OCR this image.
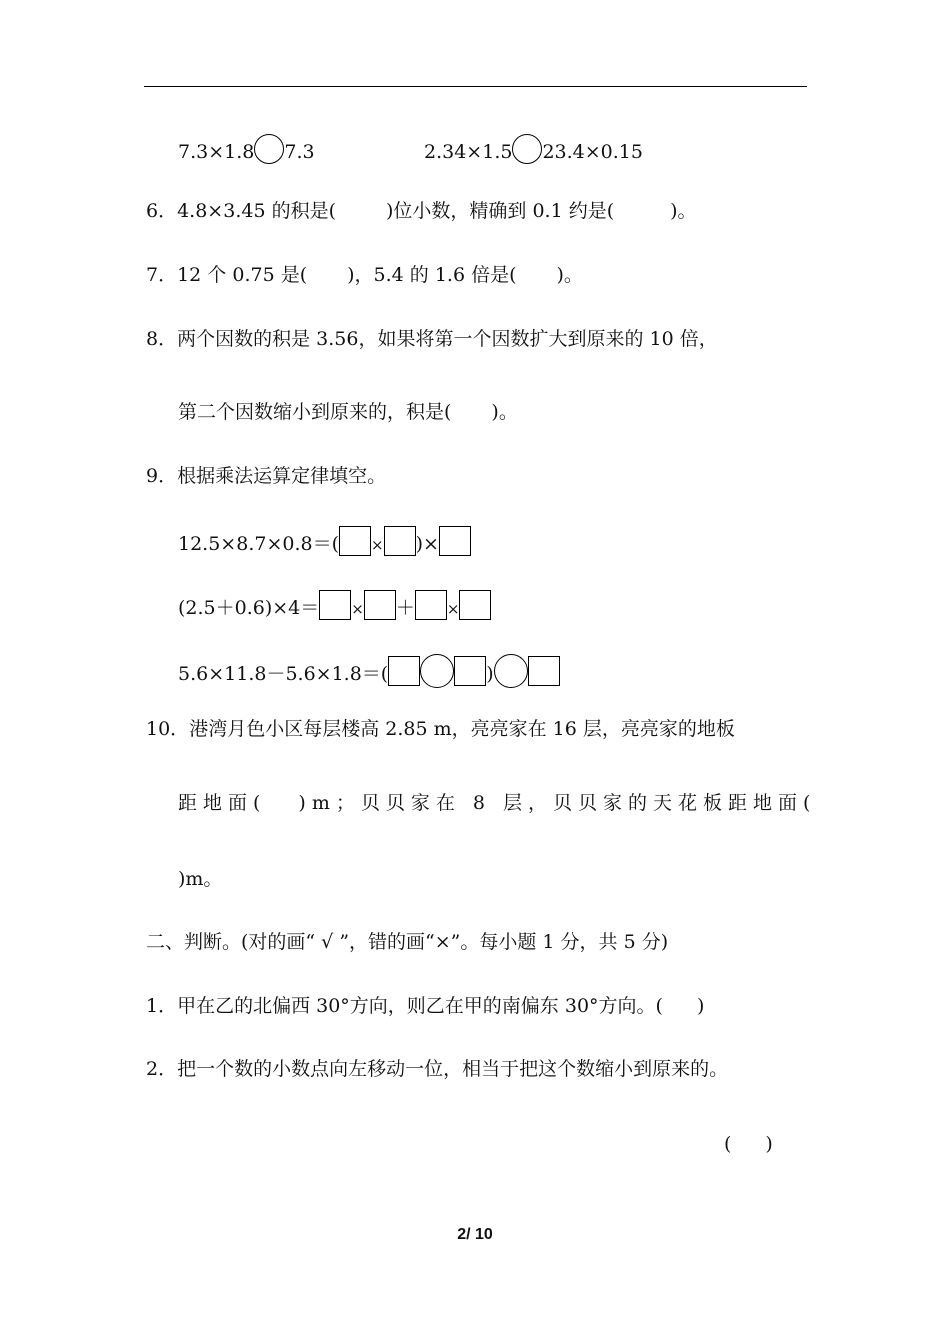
7.3×1.8 7.3	2.34×1.5 23.4×0.15
6．4.8×3.45 的积是(	)位小数，精确到 0.1 约是(	)。
7．12 个 0.75 是( )，5.4 的 1.6 倍是( )。
8．两个因数的积是 3.56，如果将第一个因数扩大到原来的 10 倍，
第二个因数缩小到原来的，积是( )。
9．根据乘法运算定律填空。
12.5×8.7×0.8＝( × )×
(2.5＋0.6)×4＝ × ＋ ×
5.6×11.8－5.6×1.8＝(	)
10．港湾月色小区每层楼高 2.85 m，亮亮家在 16 层，亮亮家的地板
距地面( )m；贝贝家在 8 层，贝贝家的天花板距地面(
)m。
二、判断。(对的画“ √ ”，错的画“×”。每小题 1 分，共 5 分)
1．甲在乙的北偏西 30°方向，则乙在甲的南偏东 30°方向。( )
2．把一个数的小数点向左移动一位，相当于把这个数缩小到原来的。
( )
2/ 10
